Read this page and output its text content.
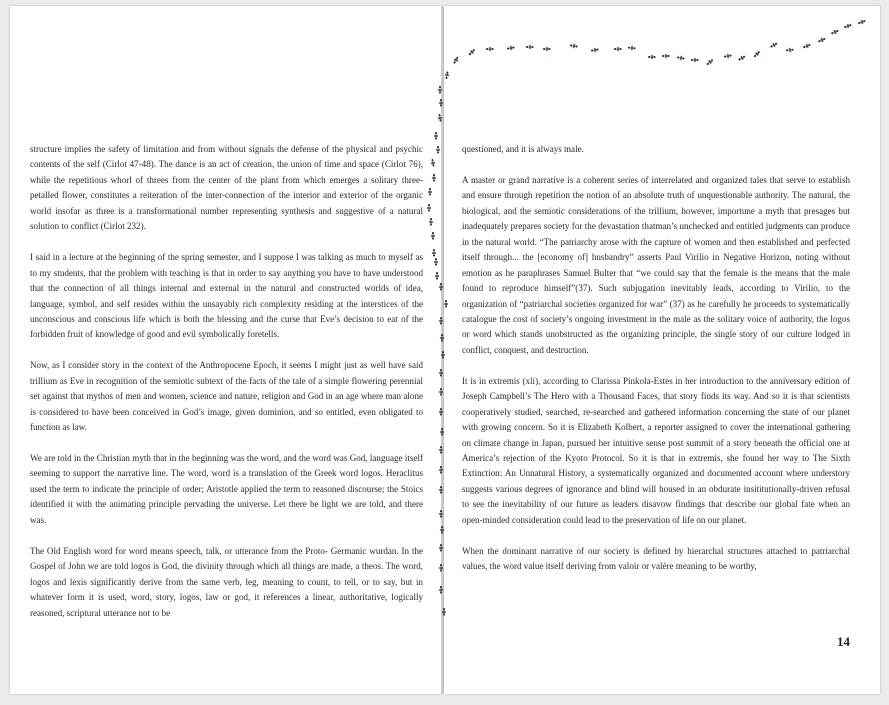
structure implies the safety of limitation and from without signals the defense of the physical and psychic contents of the self (Cirlot 47-48). The dance is an act of creation, the union of time and space (Cirlot 76), while the repetitious whorl of threes from the center of the plant from which emerges a solitary three-petalled flower, constitutes a reiteration of the inter-connection of the interior and exterior of the organic world insofar as three is a transformational number representing synthesis and suggestive of a natural solution to conflict (Cirlot 232).

I said in a lecture at the beginning of the spring semester, and I suppose I was talking as much to myself as to my students, that the problem with teaching is that in order to say anything you have to have understood that the connection of all things internal and external in the natural and constructed worlds of idea, language, symbol, and self resides within the unsayably rich complexity residing at the interstices of the unconscious and conscious life which is both the blessing and the curse that Eve’s decision to eat of the forbidden fruit of knowledge of good and evil symbolically foretells.

Now, as I consider story in the context of the Anthropocene Epoch, it seems I might just as well have said trillium as Eve in recognition of the semiotic subtext of the facts of the tale of a simple flowering perennial set against that mythos of men and women, science and nature, religion and God in an age where man alone is considered to have been conceived in God’s image, given dominion, and so entitled, even obligated to function as law.

We are told in the Christian myth that in the beginning was the word, and the word was God, language itself seeming to support the narrative line. The word, word is a translation of the Greek word logos. Heraclitus used the term to indicate the principle of order; Aristotle applied the term to reasoned discourse; the Stoics identified it with the animating principle pervading the universe. Let there be light we are told, and there was.

The Old English word for word means speech, talk, or utterance from the Proto- Germanic wurdan. In the Gospel of John we are told logos is God, the divinity through which all things are made, a theos. The word, logos and lexis significantly derive from the same verb, leg, meaning to count, to tell, or to say, but in whatever form it is used, word, story, logos, law or god, it references a linear, authoritative, logically reasoned, scriptural utterance not to be

questioned, and it is always male.

A master or grand narrative is a coherent series of interrelated and organized tales that serve to establish and ensure through repetition the notion of an absolute truth of unquestionable authority. The natural, the biological, and the semiotic considerations of the trillium, however, importune a myth that presages but inadequately prepares society for the devastation thatman’s unchecked and entitled judgments can produce in the natural world. “The patriarchy arose with the capture of women and then established and perfected itself through... the [economy of] husbandry” asserts Paul Virilio in Negative Horizon, noting without emotion as he paraphrases Samuel Bulter that “we could say that the female is the means that the male found to reproduce himself”(37). Such subjugation inevitably leads, according to Virilio, to the organization of “patriarchal societies organized for war” (37) as he carefully he proceeds to systematically catalogue the cost of society’s ongoing investment in the male as the solitary voice of authority, the logos or word which stands unobstructed as the organizing principle, the single story of our culture lodged in conflict, conquest, and destruction.

It is in extremis (xli), according to Clarissa Pinkola-Estes in her introduction to the anniversary edition of Joseph Campbell’s The Hero with a Thousand Faces, that story finds its way. And so it is that scientists cooperatively studied, searched, re-searched and gathered information concerning the state of our planet with growing concern. So it is Elizabeth Kolbert, a reporter assigned to cover the international gathering on climate change in Japan, pursued her intuitive sense post summit of a story beneath the official one at America’s rejection of the Kyoto Protocol. So it is that in extremis, she found her way to The Sixth Extinction: An Unnatural History, a systematically organized and documented account where understory suggests various degrees of ignorance and blind will housed in an obdurate insititutionally-driven refusal to see the inevitability of our future as leaders disavow findings that describe our global fate when an open-minded consideration could lead to the preservation of life on our planet.

When the dominant narrative of our society is defined by hierarchal structures attached to patriarchal values, the word value itself deriving from valoir or valère meaning to be worthy,

14
